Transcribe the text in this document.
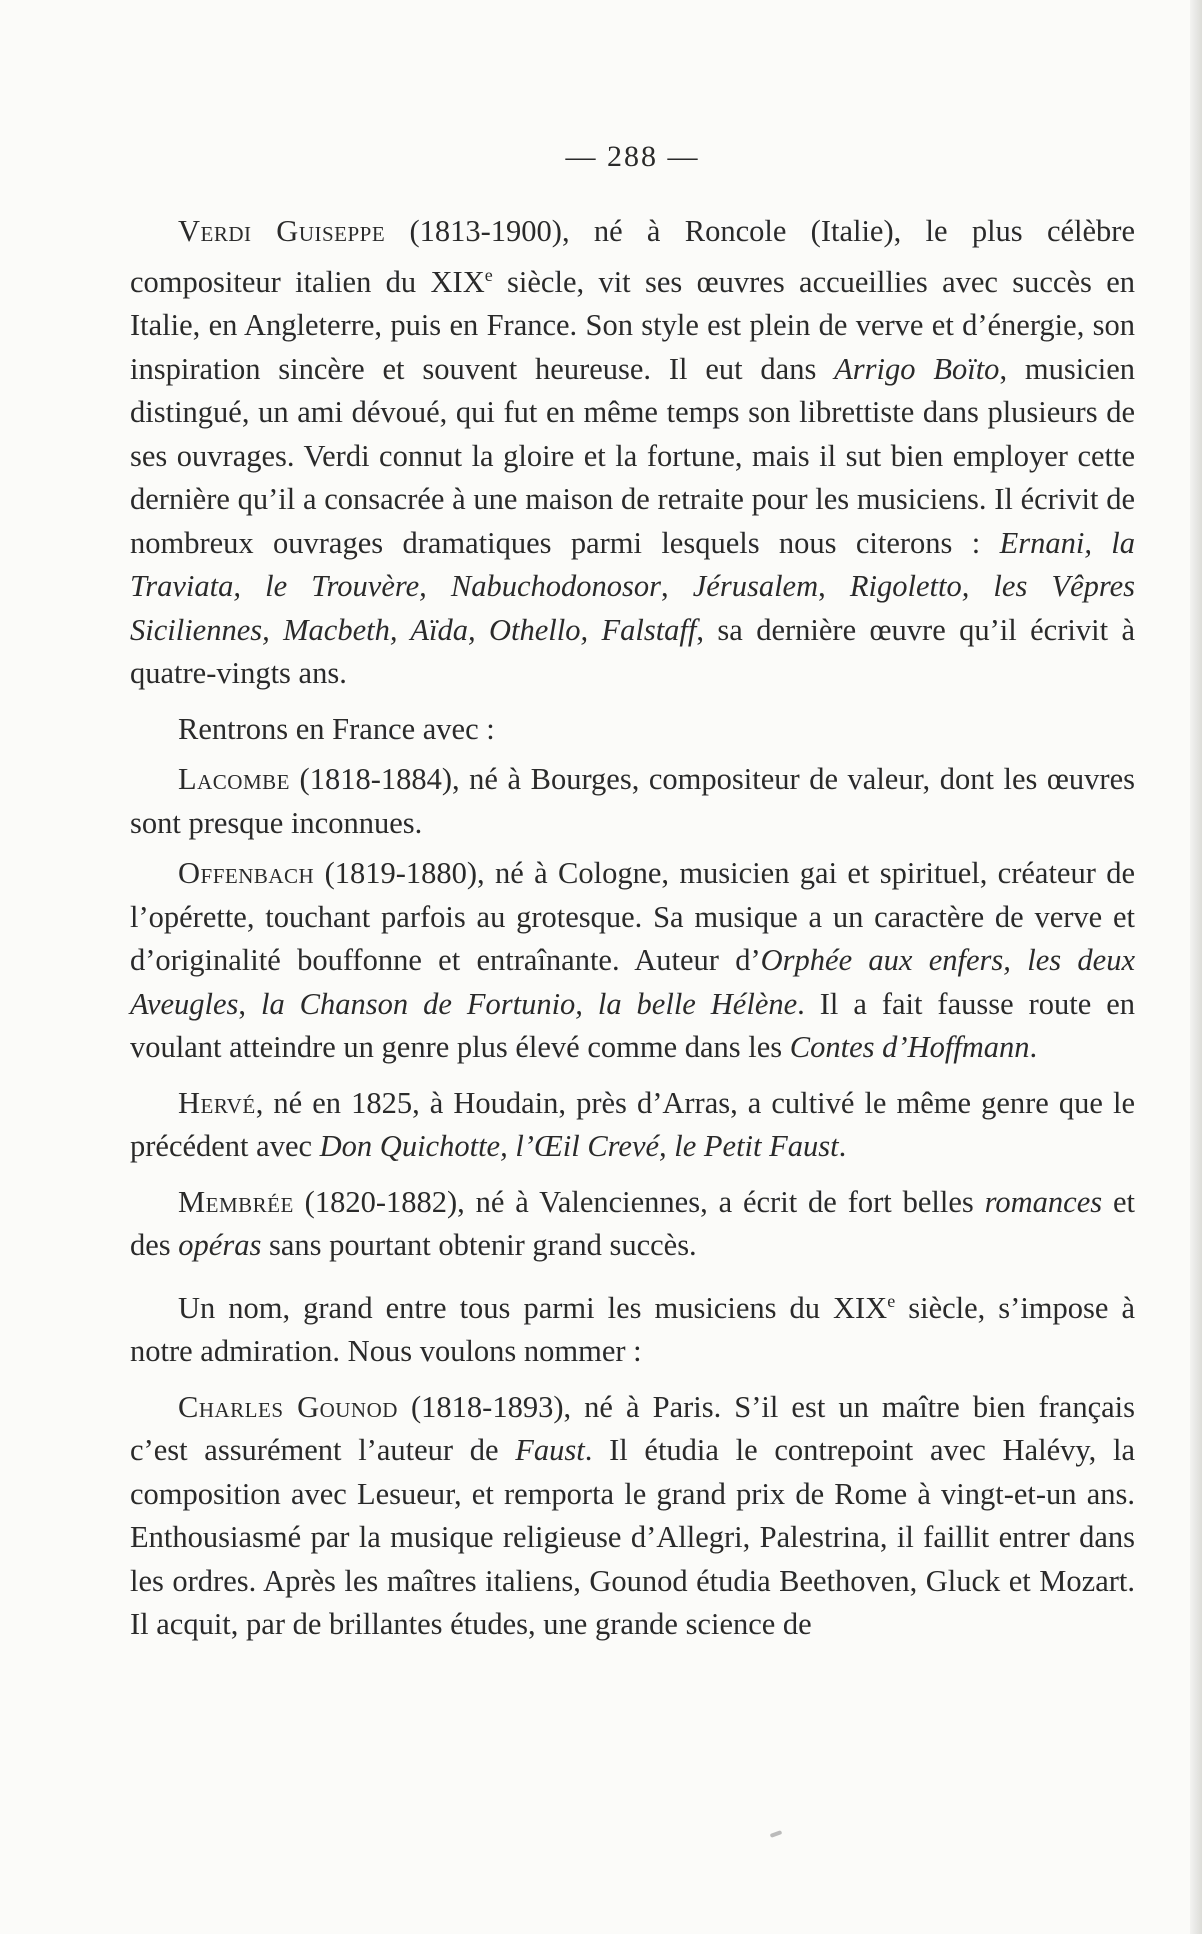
— 288 —

Verdi Guiseppe (1813-1900), né à Roncole (Italie), le plus célèbre compositeur italien du XIXe siècle, vit ses œuvres accueillies avec succès en Italie, en Angleterre, puis en France. Son style est plein de verve et d’énergie, son inspiration sincère et souvent heureuse. Il eut dans Arrigo Boïto, musicien distingué, un ami dévoué, qui fut en même temps son librettiste dans plusieurs de ses ouvrages. Verdi connut la gloire et la fortune, mais il sut bien employer cette dernière qu’il a consacrée à une maison de retraite pour les musiciens. Il écrivit de nombreux ouvrages dramatiques parmi lesquels nous citerons : Ernani, la Traviata, le Trouvère, Nabuchodonosor, Jérusalem, Rigoletto, les Vêpres Siciliennes, Macbeth, Aïda, Othello, Falstaff, sa dernière œuvre qu’il écrivit à quatre-vingts ans.

Rentrons en France avec :

Lacombe (1818-1884), né à Bourges, compositeur de valeur, dont les œuvres sont presque inconnues.

Offenbach (1819-1880), né à Cologne, musicien gai et spirituel, créateur de l’opérette, touchant parfois au grotesque. Sa musique a un caractère de verve et d’originalité bouffonne et entraînante. Auteur d’Orphée aux enfers, les deux Aveugles, la Chanson de Fortunio, la belle Hélène. Il a fait fausse route en voulant atteindre un genre plus élevé comme dans les Contes d’Hoffmann.

Hervé, né en 1825, à Houdain, près d’Arras, a cultivé le même genre que le précédent avec Don Quichotte, l’Œil Crevé, le Petit Faust.

Membrée (1820-1882), né à Valenciennes, a écrit de fort belles romances et des opéras sans pourtant obtenir grand succès.

Un nom, grand entre tous parmi les musiciens du XIXe siècle, s’impose à notre admiration. Nous voulons nommer :

Charles Gounod (1818-1893), né à Paris. S’il est un maître bien français c’est assurément l’auteur de Faust. Il étudia le contrepoint avec Halévy, la composition avec Lesueur, et remporta le grand prix de Rome à vingt-et-un ans. Enthousiasmé par la musique religieuse d’Allegri, Palestrina, il faillit entrer dans les ordres. Après les maîtres italiens, Gounod étudia Beethoven, Gluck et Mozart. Il acquit, par de brillantes études, une grande science de
